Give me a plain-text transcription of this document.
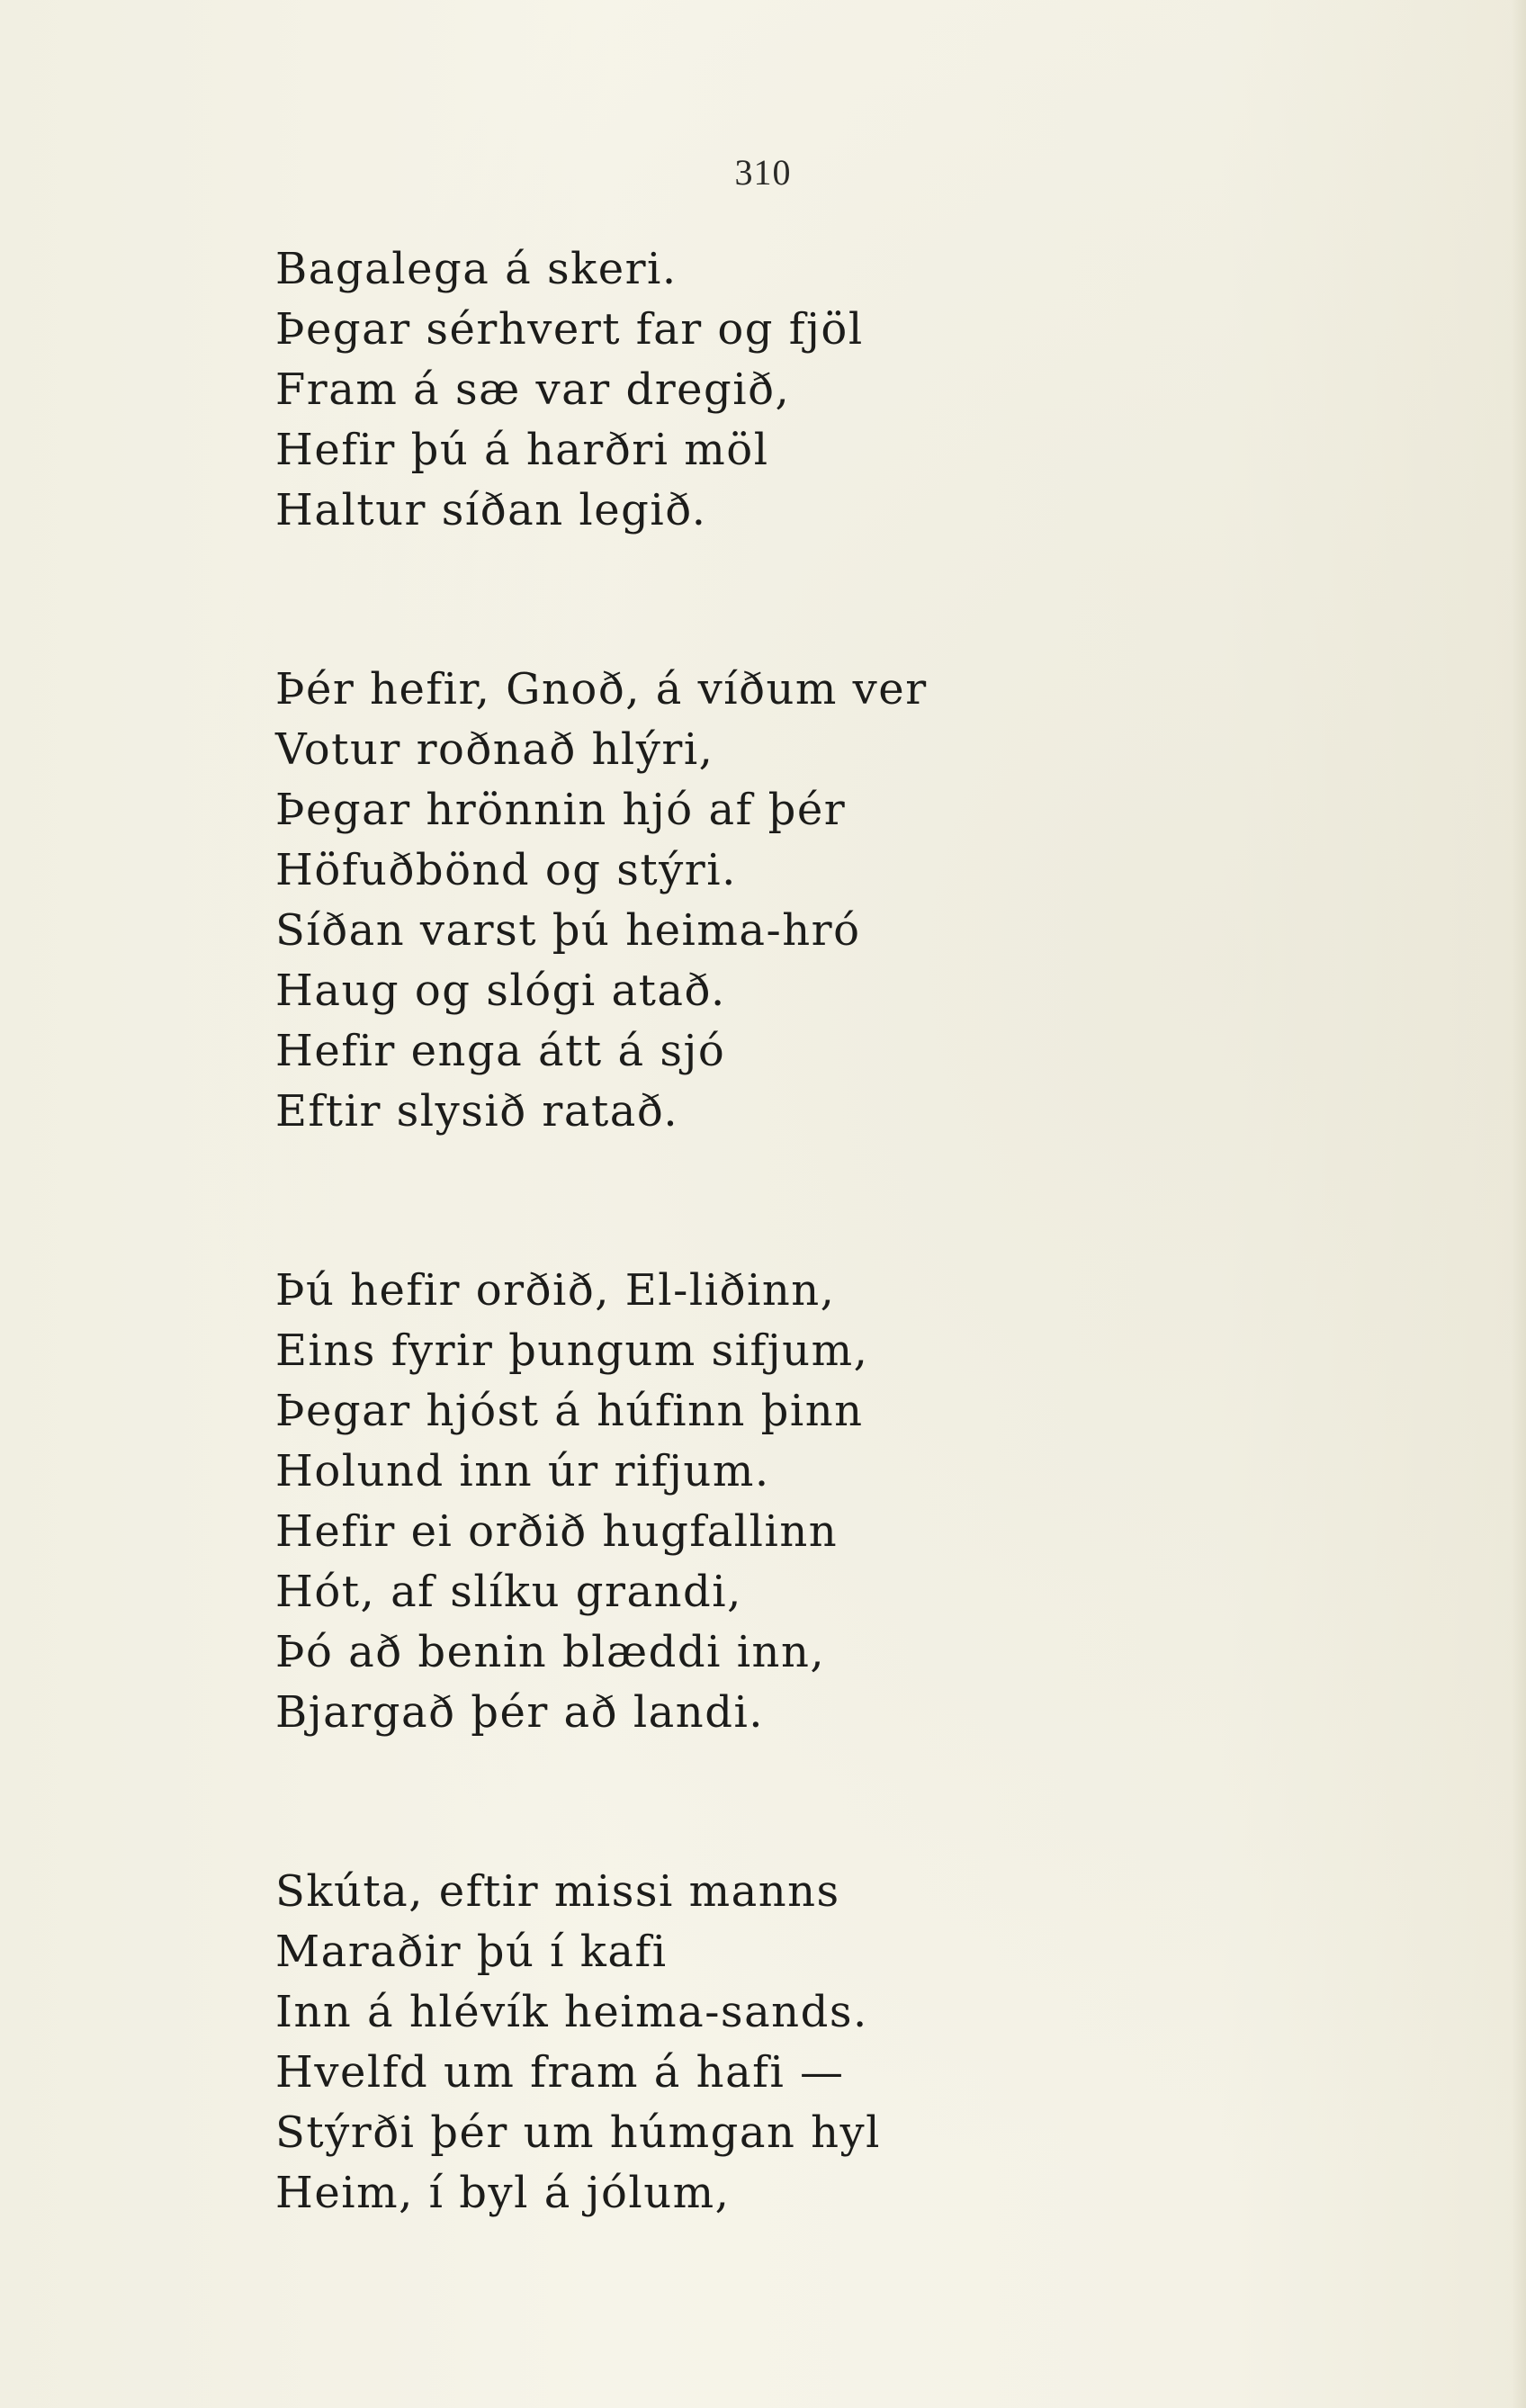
310
Bagalega á skeri.
Þegar sérhvert far og fjöl
Fram á sæ var dregið,
Hefir þú á harðri möl
Haltur síðan legið.
Þér hefir, Gnoð, á víðum ver
Votur roðnað hlýri,
Þegar hrönnin hjó af þér
Höfuðbönd og stýri.
Síðan varst þú heima-hró
Haug og slógi atað.
Hefir enga átt á sjó
Eftir slysið ratað.
Þú hefir orðið, El-liðinn,
Eins fyrir þungum sifjum,
Þegar hjóst á húfinn þinn
Holund inn úr rifjum.
Hefir ei orðið hugfallinn
Hót, af slíku grandi,
Þó að benin blæddi inn,
Bjargað þér að landi.
Skúta, eftir missi manns
Maraðir þú í kafi
Inn á hlévík heima-sands.
Hvelfd um fram á hafi —
Stýrði þér um húmgan hyl
Heim, í byl á jólum,
